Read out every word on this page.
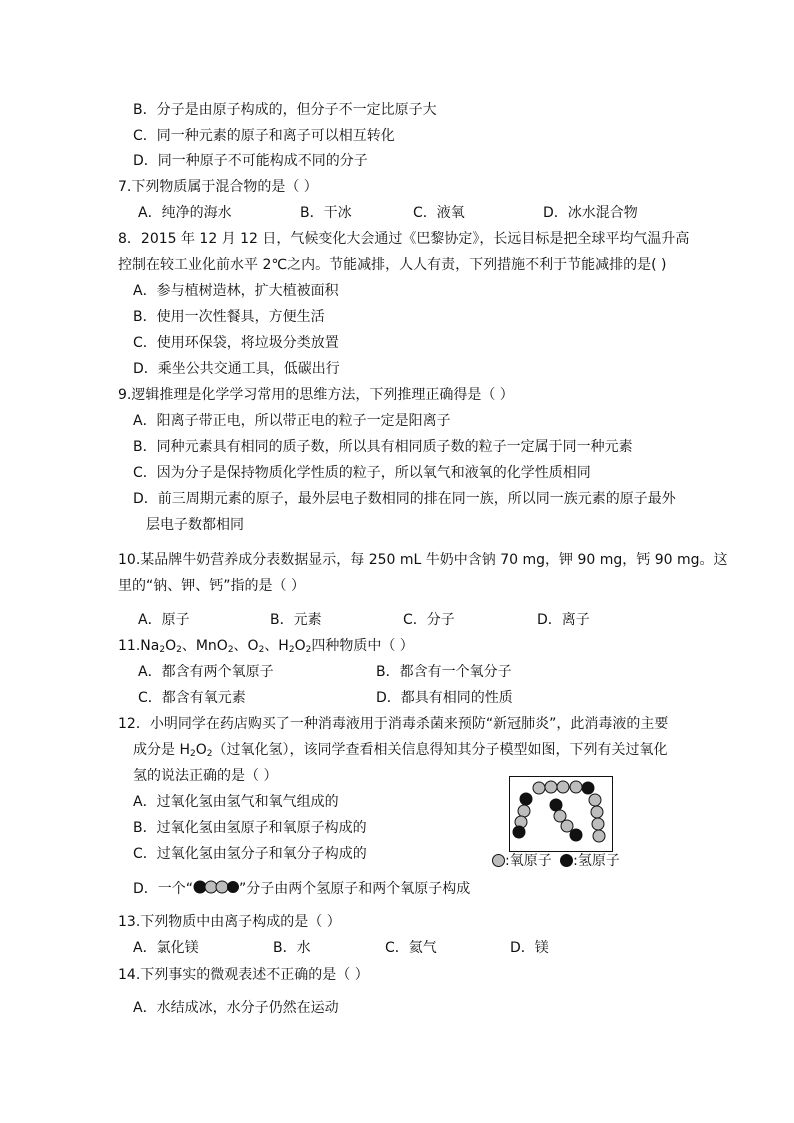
B．分子是由原子构成的，但分子不一定比原子大
C．同一种元素的原子和离子可以相互转化
D．同一种原子不可能构成不同的分子
7.下列物质属于混合物的是（ ）
A．纯净的海水	B．干冰	C．液氧	D．冰水混合物
8．2015 年 12 月 12 日，气候变化大会通过《巴黎协定》，长远目标是把全球平均气温升高
控制在较工业化前水平 2℃之内。节能减排，人人有责，下列措施不利于节能减排的是( )
A．参与植树造林，扩大植被面积
B．使用一次性餐具，方便生活
C．使用环保袋，将垃圾分类放置
D．乘坐公共交通工具，低碳出行
9.逻辑推理是化学学习常用的思维方法，下列推理正确得是（ ）
A．阳离子带正电，所以带正电的粒子一定是阳离子
B．同种元素具有相同的质子数，所以具有相同质子数的粒子一定属于同一种元素
C．因为分子是保持物质化学性质的粒子，所以氧气和液氧的化学性质相同
D．前三周期元素的原子，最外层电子数相同的排在同一族，所以同一族元素的原子最外
层电子数都相同
10.某品牌牛奶营养成分表数据显示，每 250 mL 牛奶中含钠 70 mg，钾 90 mg，钙 90 mg。这
里的“钠、钾、钙”指的是（ ）
A．原子	B．元素	C．分子	D．离子
$11.Na_2O_2$、MnO$_2$、$O_2$、$H_2O_2$四种物质中（ ）
A．都含有两个氧原子	B．都含有一个氧分子
C．都含有氧元素	D．都具有相同的性质
12．小明同学在药店购买了一种消毒液用于消毒杀菌来预防“新冠肺炎”，此消毒液的主要
成分是 $H_2O_2$（过氧化氢），该同学查看相关信息得知其分子模型如图，下列有关过氧化
氢的说法正确的是（ ）
A．过氧化氢由氢气和氧气组成的
B．过氧化氢由氢原子和氧原子构成的
C．过氧化氢由氢分子和氧分子构成的	:氧原子 :氢原子
D．一个“	”分子由两个氢原子和两个氧原子构成
13.下列物质中由离子构成的是（ ）
A．氯化镁	B．水	C．氦气	D．镁
14.下列事实的微观表述不正确的是（ ）
A．水结成冰，水分子仍然在运动
